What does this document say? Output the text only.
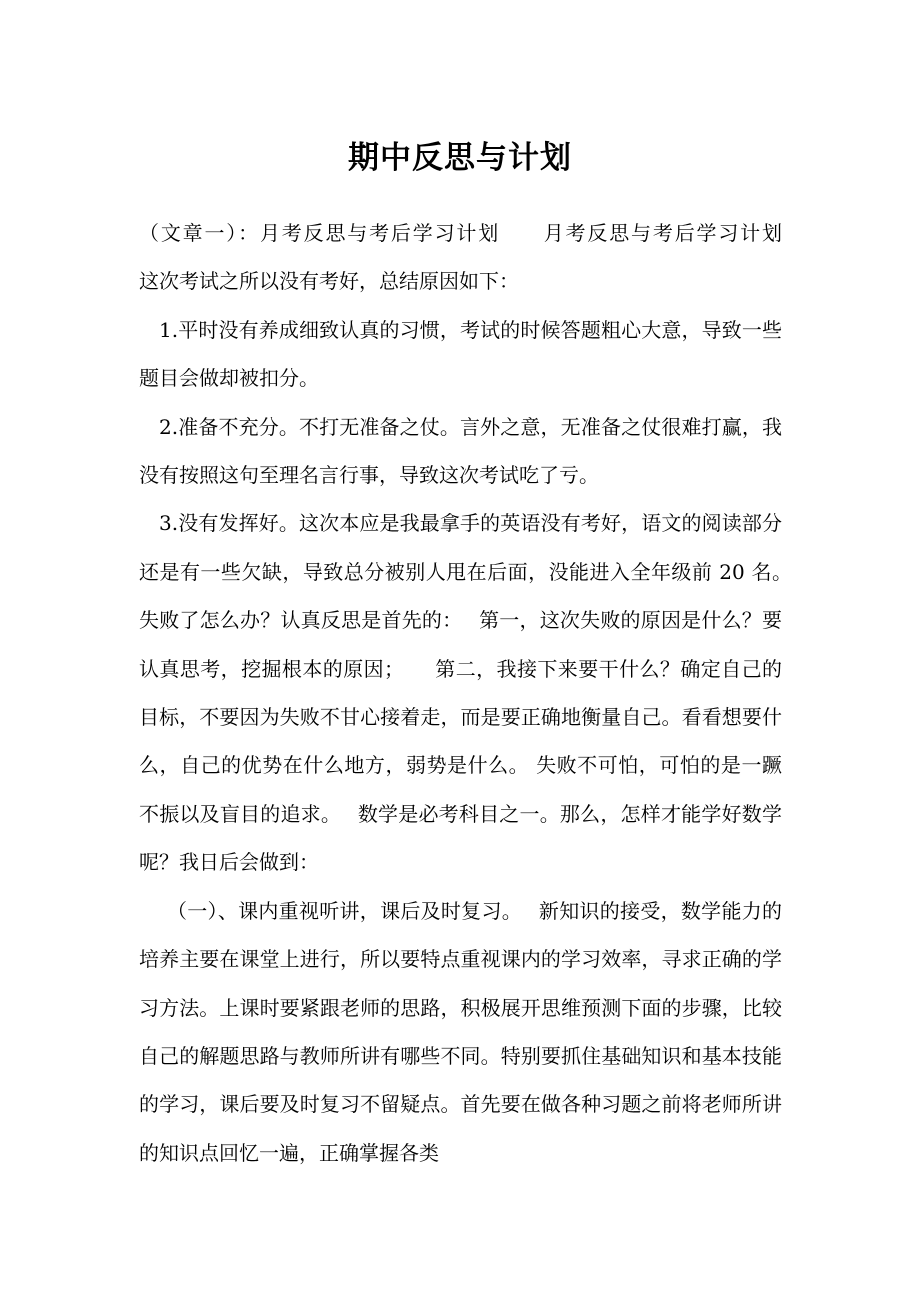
期中反思与计划

（文章一）：月考反思与考后学习计划　　月考反思与考后学习计划　　这次考试之所以没有考好，总结原因如下：

1.平时没有养成细致认真的习惯，考试的时候答题粗心大意，导致一些题目会做却被扣分。

2.准备不充分。不打无准备之仗。言外之意，无准备之仗很难打赢，我没有按照这句至理名言行事，导致这次考试吃了亏。

3.没有发挥好。这次本应是我最拿手的英语没有考好，语文的阅读部分还是有一些欠缺，导致总分被别人甩在后面，没能进入全年级前 20 名。　 失败了怎么办？认真反思是首先的：　 第一，这次失败的原因是什么？要认真思考，挖掘根本的原因；　　第二，我接下来要干什么？确定自己的目标，不要因为失败不甘心接着走，而是要正确地衡量自己。看看想要什么，自己的优势在什么地方，弱势是什么。 失败不可怕，可怕的是一蹶不振以及盲目的追求。　 数学是必考科目之一。那么，怎样才能学好数学呢？我日后会做到：

（一）、课内重视听讲，课后及时复习。　 新知识的接受，数学能力的培养主要在课堂上进行，所以要特点重视课内的学习效率，寻求正确的学习方法。上课时要紧跟老师的思路，积极展开思维预测下面的步骤，比较自己的解题思路与教师所讲有哪些不同。特别要抓住基础知识和基本技能的学习，课后要及时复习不留疑点。首先要在做各种习题之前将老师所讲的知识点回忆一遍，正确掌握各类
